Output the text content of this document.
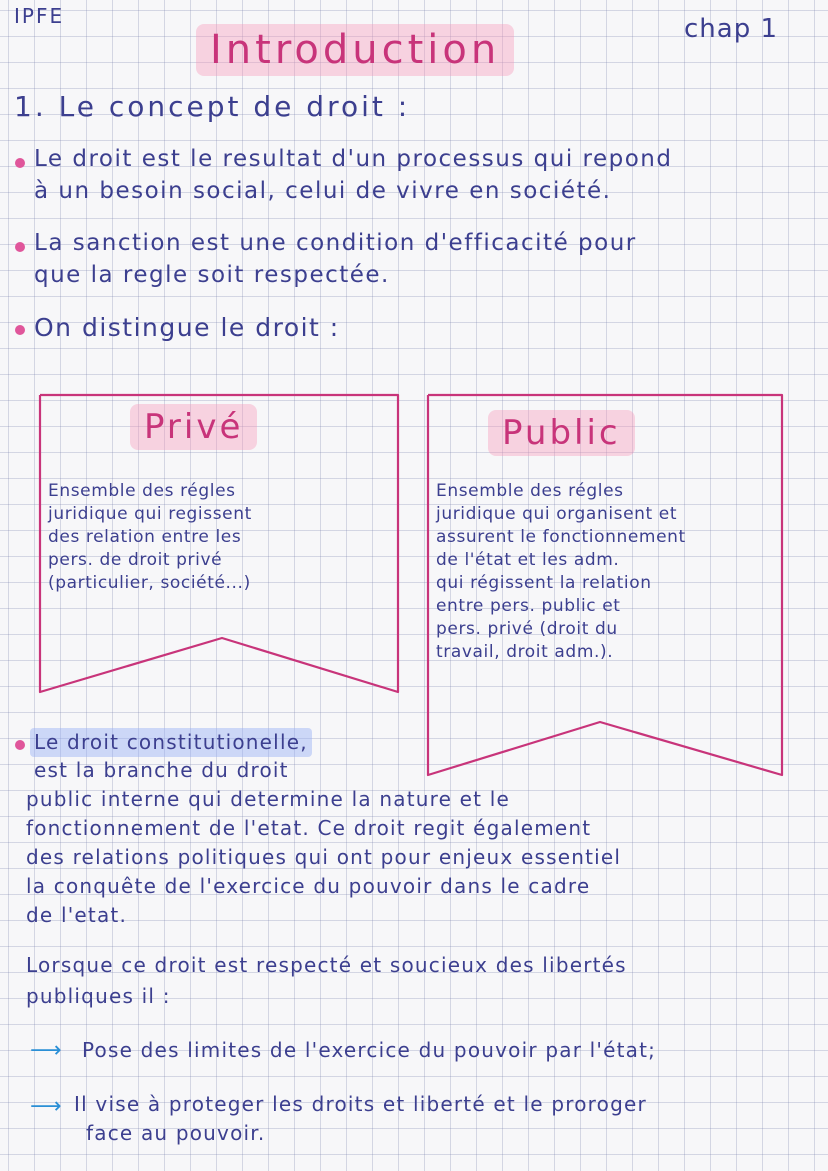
IPFE	chap 1
Introduction
1. Le concept de droit :
Le droit est le resultat d'un processus qui repond
à un besoin social, celui de vivre en société.
La sanction est une condition d'efficacité pour
que la regle soit respectée.
On distingue le droit :
Privé
Ensemble des régles
juridique qui regissent
des relation entre les
pers. de droit privé
(particulier, société...)
Public
Ensemble des régles
juridique qui organisent et
assurent le fonctionnement
de l'état et les adm.
qui régissent la relation
entre pers. public et
pers. privé (droit du
travail, droit adm.).
Le droit constitutionelle,
est la branche du droit
public interne qui determine la nature et le
fonctionnement de l'etat. Ce droit regit également
des relations politiques qui ont pour enjeux essentiel
la conquête de l'exercice du pouvoir dans le cadre
de l'etat.
Lorsque ce droit est respecté et soucieux des libertés
publiques il :
⟶ Pose des limites de l'exercice du pouvoir par l'état;
⟶ Il vise à proteger les droits et liberté et le proroger
face au pouvoir.
